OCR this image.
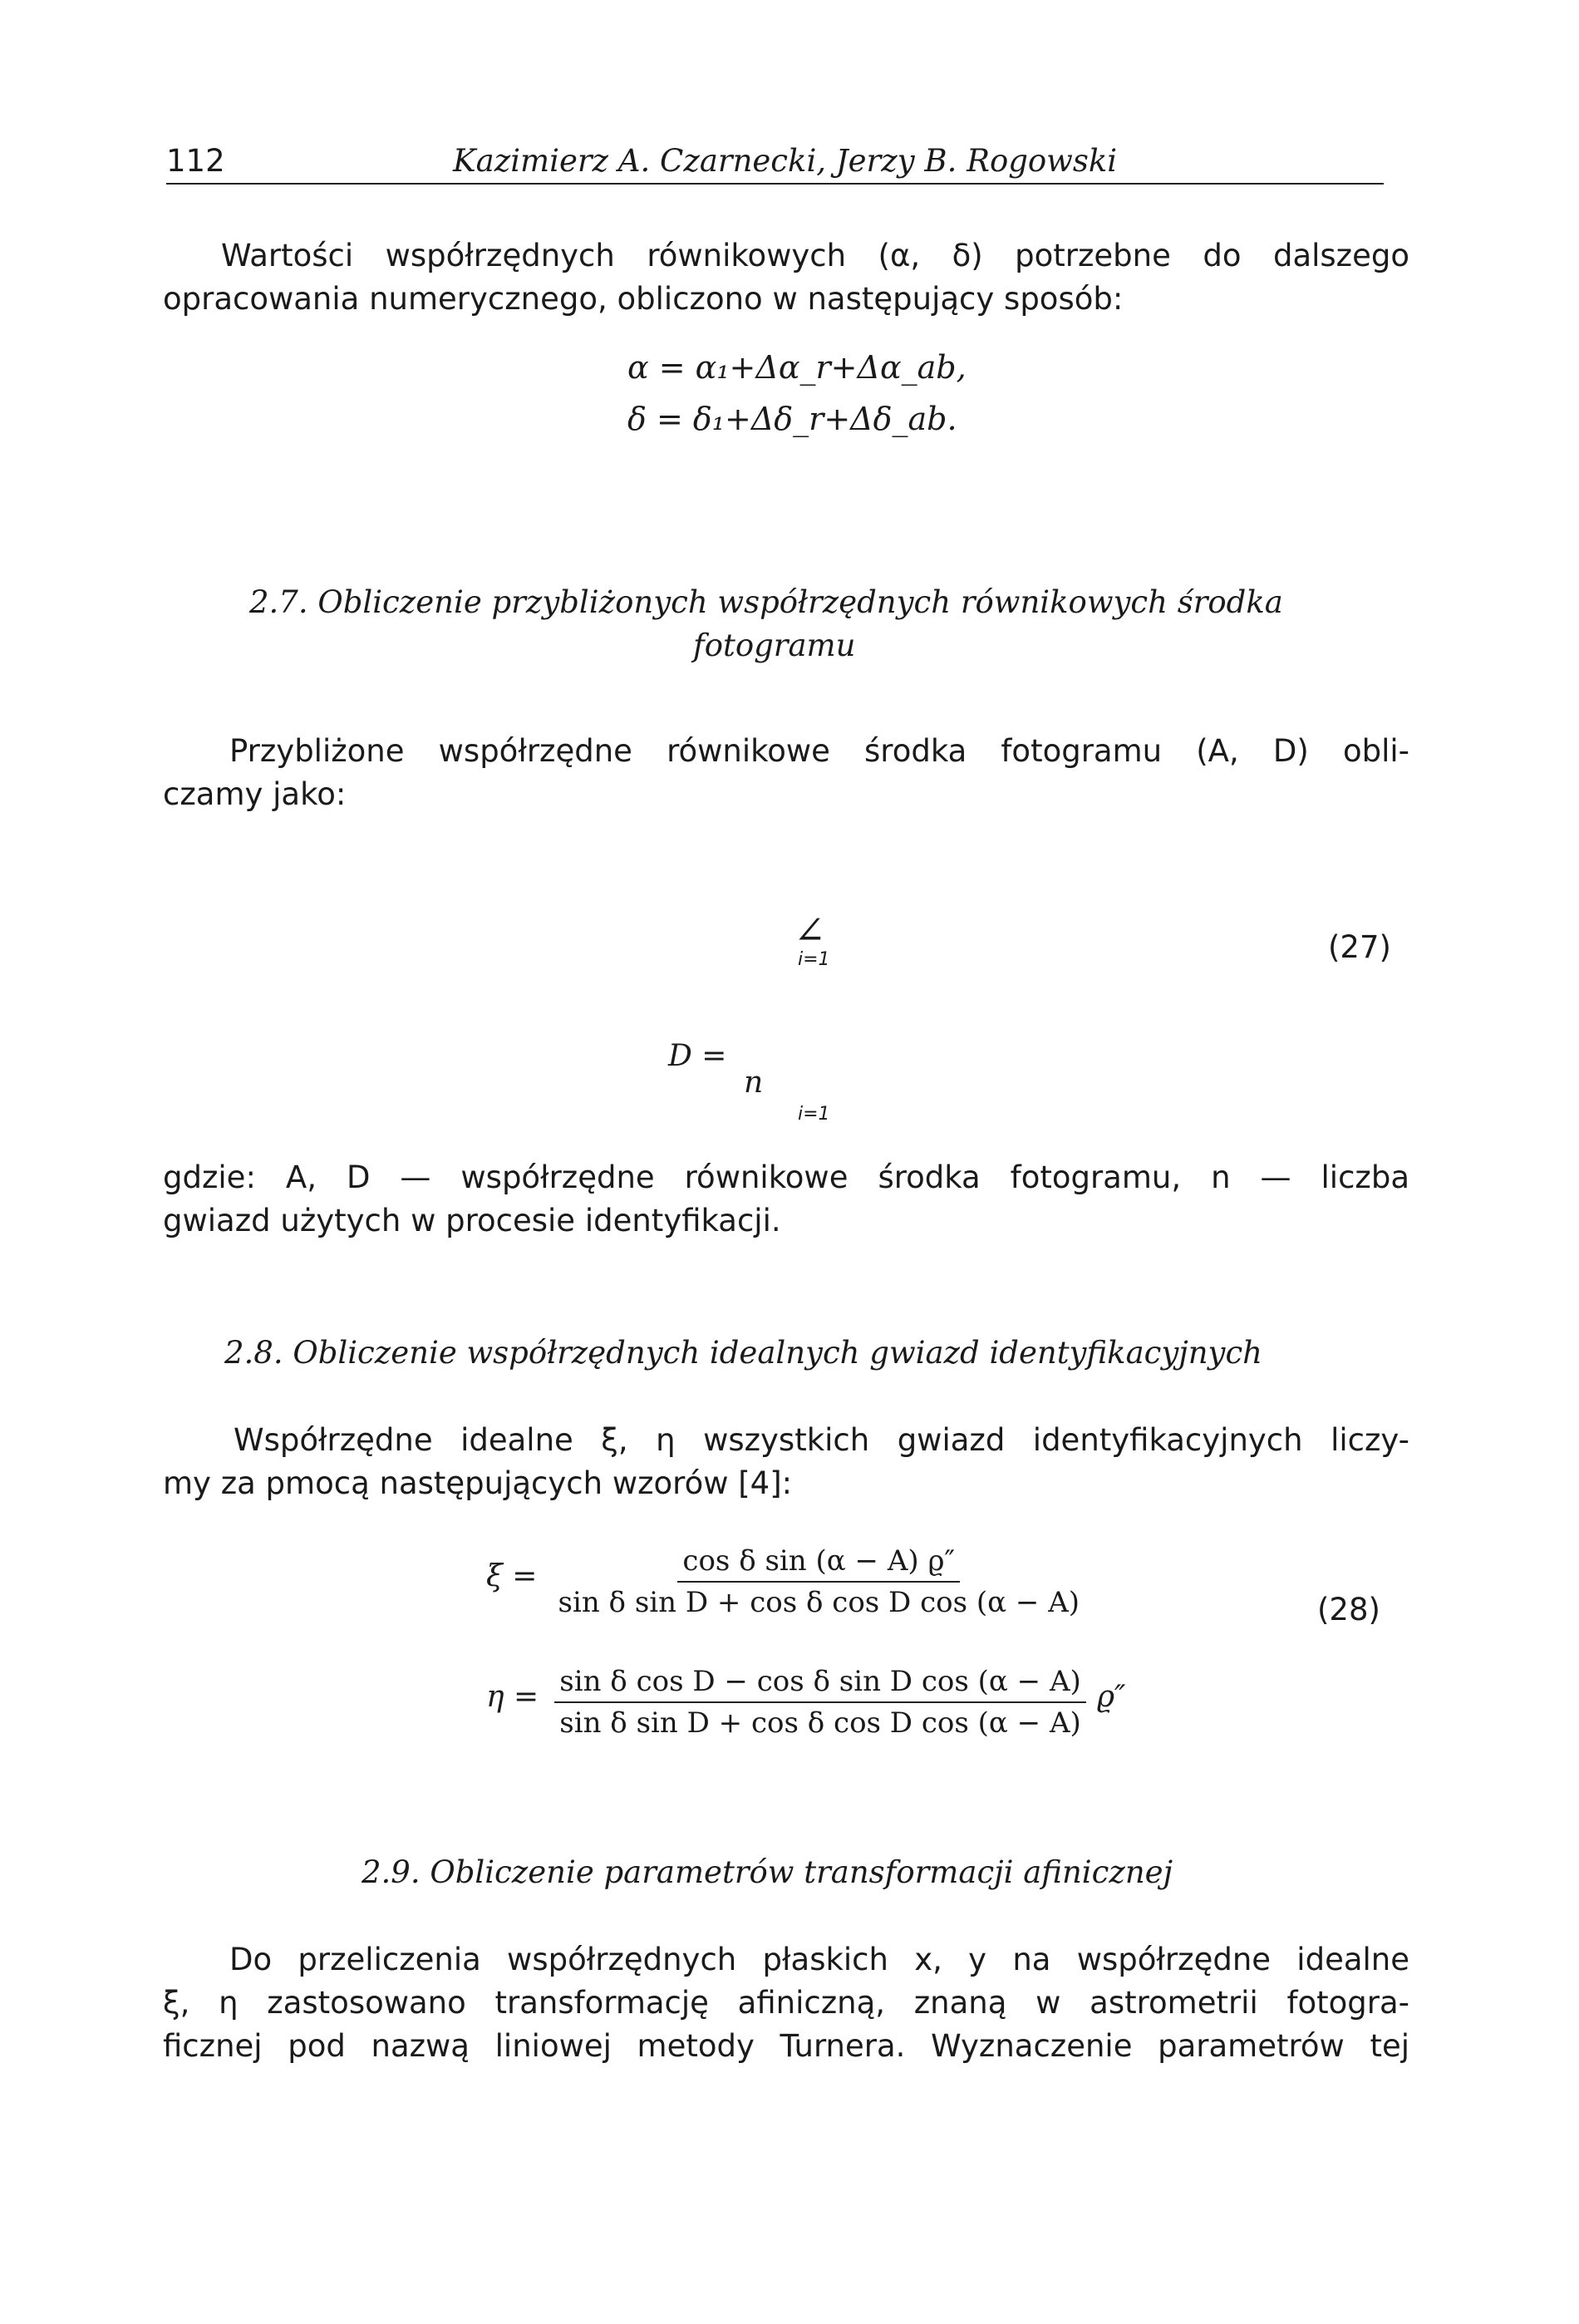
112	Kazimierz A. Czarnecki, Jerzy B. Rogowski
Wartości współrzędnych równikowych (α, δ) potrzebne do dalszego
opracowania numerycznego, obliczono w następujący sposób:
α = α₁+Δα_r+Δα_ab,
δ = δ₁+Δδ_r+Δδ_ab.
2.7. Obliczenie przybliżonych współrzędnych równikowych środka
fotogramu
Przybliżone współrzędne równikowe środka fotogramu (A, D) obli-
czamy jako:
∠
i=1	(27)
D =
n
i=1
gdzie: A, D — współrzędne równikowe środka fotogramu, n — liczba
gwiazd użytych w procesie identyfikacji.
2.8. Obliczenie współrzędnych idealnych gwiazd identyfikacyjnych
Współrzędne idealne ξ, η wszystkich gwiazd identyfikacyjnych liczy-
my za pmocą następujących wzorów [4]:
$\xi = \frac{\text{cos δ sin (α − A) ϱ″}}{\text{sin δ sin D + cos δ cos D cos (α − A)}}$	(28)
$\eta = \frac{\text{sin δ cos D − cos δ sin D cos (α − A)}}{\text{sin δ sin D + cos δ cos D cos (α − A)}} ϱ''$
2.9. Obliczenie parametrów transformacji afinicznej
Do przeliczenia współrzędnych płaskich x, y na współrzędne idealne
ξ, η zastosowano transformację afiniczną, znaną w astrometrii fotogra-
ficznej pod nazwą liniowej metody Turnera. Wyznaczenie parametrów tej
